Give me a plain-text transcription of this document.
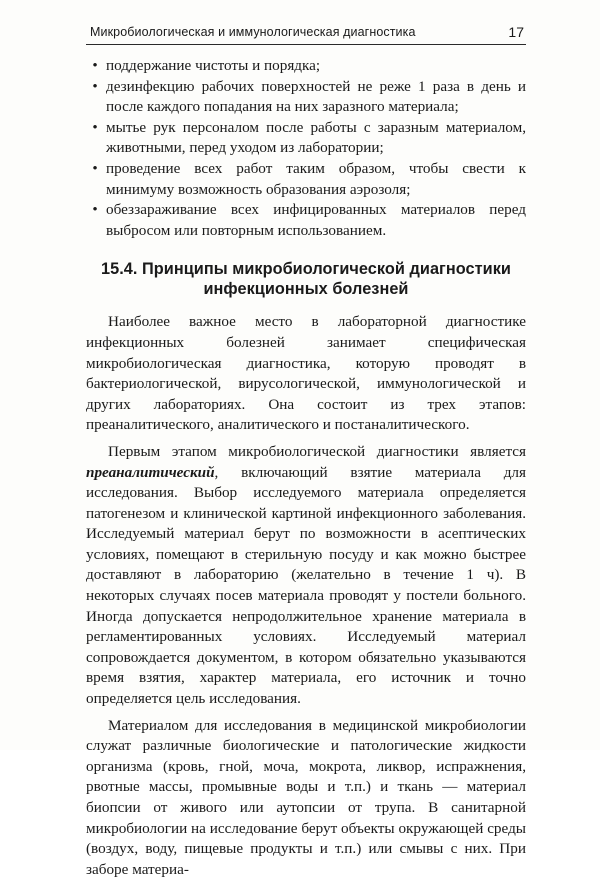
Микробиологическая и иммунологическая диагностика	17
• поддержание чистоты и порядка;
• дезинфекцию рабочих поверхностей не реже 1 раза в день и после каждого попадания на них заразного материала;
• мытье рук персоналом после работы с заразным материалом, животными, перед уходом из лаборатории;
• проведение всех работ таким образом, чтобы свести к минимуму возможность образования аэрозоля;
• обеззараживание всех инфицированных материалов перед выбросом или повторным использованием.
15.4. Принципы микробиологической диагностики
инфекционных болезней

Наиболее важное место в лабораторной диагностике инфекционных болезней занимает специфическая микробиологическая диагностика, которую проводят в бактериологической, вирусологической, иммунологической и других лабораториях. Она состоит из трех этапов: преаналитического, аналитического и постаналитического.

Первым этапом микробиологической диагностики является преаналитический, включающий взятие материала для исследования. Выбор исследуемого материала определяется патогенезом и клинической картиной инфекционного заболевания. Исследуемый материал берут по возможности в асептических условиях, помещают в стерильную посуду и как можно быстрее доставляют в лабораторию (желательно в течение 1 ч). В некоторых случаях посев материала проводят у постели больного. Иногда допускается непродолжительное хранение материала в регламентированных условиях. Исследуемый материал сопровождается документом, в котором обязательно указываются время взятия, характер материала, его источник и точно определяется цель исследования.

Материалом для исследования в медицинской микробиологии служат различные биологические и патологические жидкости организма (кровь, гной, моча, мокрота, ликвор, испражнения, рвотные массы, промывные воды и т.п.) и ткань — материал биопсии от живого или аутопсии от трупа. В санитарной микробиологии на исследование берут объекты окружающей среды (воздух, воду, пищевые продукты и т.п.) или смывы с них. При заборе материа-
